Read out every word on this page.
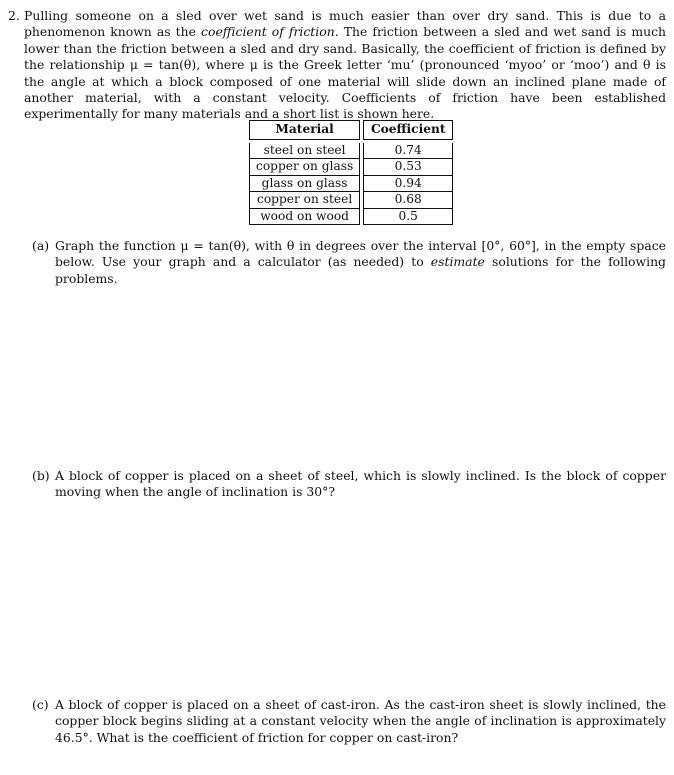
2. Pulling someone on a sled over wet sand is much easier than over dry sand. This is due to a phenomenon known as the coefficient of friction. The friction between a sled and wet sand is much lower than the friction between a sled and dry sand. Basically, the coefficient of friction is defined by the relationship μ = tan(θ), where μ is the Greek letter ‘mu’ (pronounced ‘myoo’ or ‘moo’) and θ is the angle at which a block composed of one material will slide down an inclined plane made of another material, with a constant velocity. Coefficients of friction have been established experimentally for many materials and a short list is shown here.
Material		Coefficient

steel on steel		0.74
copper on glass		0.53
glass on glass		0.94
copper on steel		0.68
wood on wood		0.5
(a) Graph the function μ = tan(θ), with θ in degrees over the interval [0°, 60°], in the empty space below. Use your graph and a calculator (as needed) to estimate solutions for the following problems.
(b) A block of copper is placed on a sheet of steel, which is slowly inclined. Is the block of copper moving when the angle of inclination is 30°?
(c) A block of copper is placed on a sheet of cast-iron. As the cast-iron sheet is slowly inclined, the copper block begins sliding at a constant velocity when the angle of inclination is approximately 46.5°. What is the coefficient of friction for copper on cast-iron?
